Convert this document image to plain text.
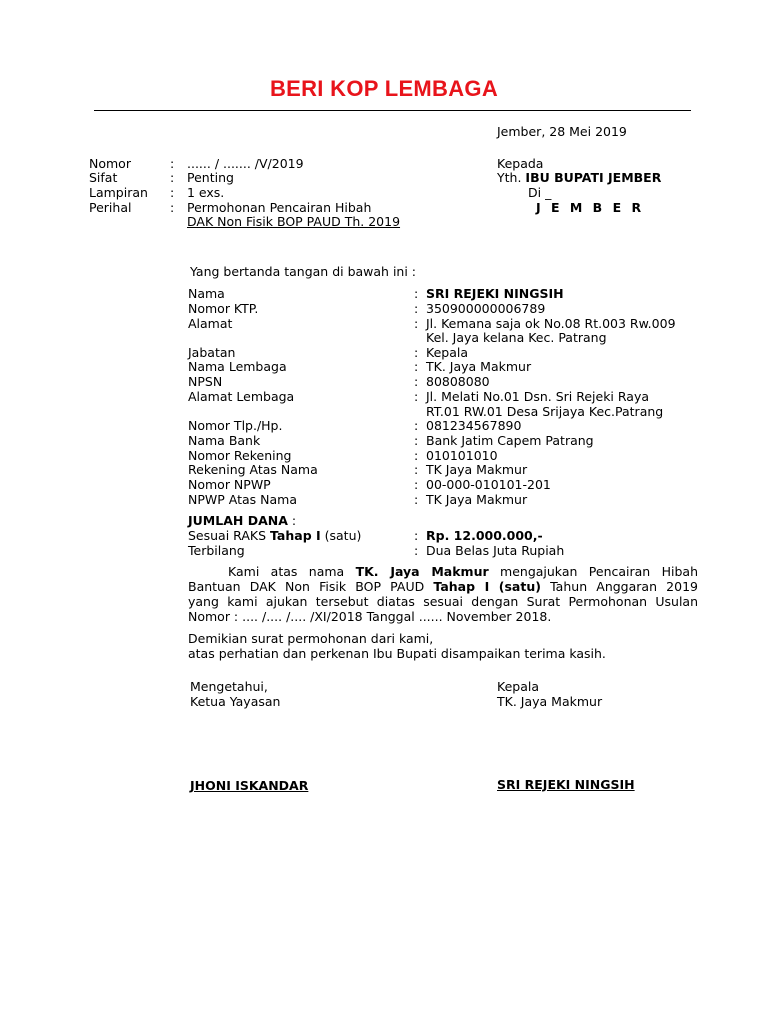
BERI KOP LEMBAGA
Jember, 28 Mei 2019
Nomor	: ...... / ....... /V/2019
Sifat	: Penting
Lampiran : 1 exs.
Perihal	: Permohonan Pencairan Hibah
DAK Non Fisik BOP PAUD Th. 2019
Kepada
Yth. IBU BUPATI JEMBER
Di _
J E M B E R
Yang bertanda tangan di bawah ini :
Nama	: SRI REJEKI NINGSIH
Nomor KTP.	: 350900000006789
Alamat	: Jl. Kemana saja ok No.08 Rt.003 Rw.009
Kel. Jaya kelana Kec. Patrang
Jabatan	: Kepala
Nama Lembaga	: TK. Jaya Makmur
NPSN	: 80808080
Alamat Lembaga	: Jl. Melati No.01 Dsn. Sri Rejeki Raya
RT.01 RW.01 Desa Srijaya Kec.Patrang
Nomor Tlp./Hp.	: 081234567890
Nama Bank	: Bank Jatim Capem Patrang
Nomor Rekening	: 010101010
Rekening Atas Nama	: TK Jaya Makmur
Nomor NPWP	: 00-000-010101-201
NPWP Atas Nama	: TK Jaya Makmur
JUMLAH DANA :
Sesuai RAKS Tahap I (satu)	: Rp. 12.000.000,-
Terbilang	: Dua Belas Juta Rupiah
Kami atas nama TK. Jaya Makmur mengajukan Pencairan Hibah
Bantuan DAK Non Fisik BOP PAUD Tahap I (satu) Tahun Anggaran 2019
yang kami ajukan tersebut diatas sesuai dengan Surat Permohonan Usulan
Nomor : .... /.... /.... /XI/2018 Tanggal ...... November 2018.
Demikian surat permohonan dari kami,
atas perhatian dan perkenan Ibu Bupati disampaikan terima kasih.
Mengetahui,
Ketua Yayasan
JHONI ISKANDAR
Kepala
TK. Jaya Makmur
SRI REJEKI NINGSIH
